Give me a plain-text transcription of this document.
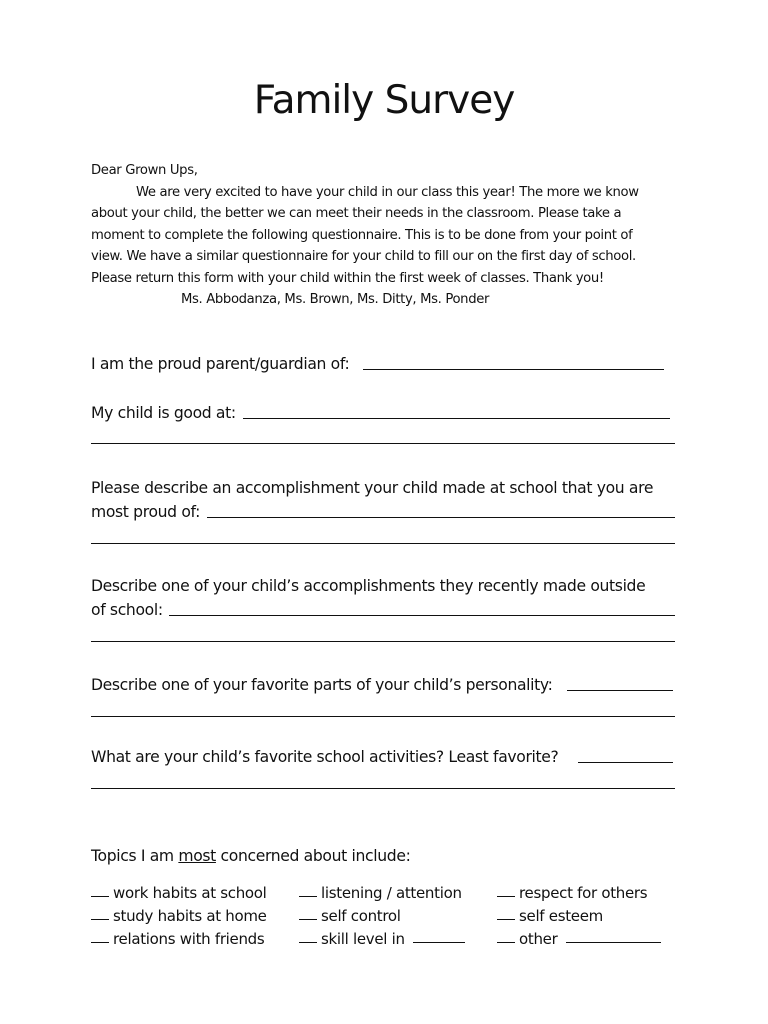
Family Survey
Dear Grown Ups,
We are very excited to have your child in our class this year! The more we know
about your child, the better we can meet their needs in the classroom. Please take a
moment to complete the following questionnaire. This is to be done from your point of
view. We have a similar questionnaire for your child to fill our on the first day of school.
Please return this form with your child within the first week of classes. Thank you!
Ms. Abbodanza, Ms. Brown, Ms. Ditty, Ms. Ponder
I am the proud parent/guardian of:
My child is good at:
Please describe an accomplishment your child made at school that you are
most proud of:
Describe one of your child’s accomplishments they recently made outside
of school:
Describe one of your favorite parts of your child’s personality:
What are your child’s favorite school activities? Least favorite?
Topics I am most concerned about include:
work habits at school
study habits at home
relations with friends
listening / attention
self control
skill level in
respect for others
self esteem
other
